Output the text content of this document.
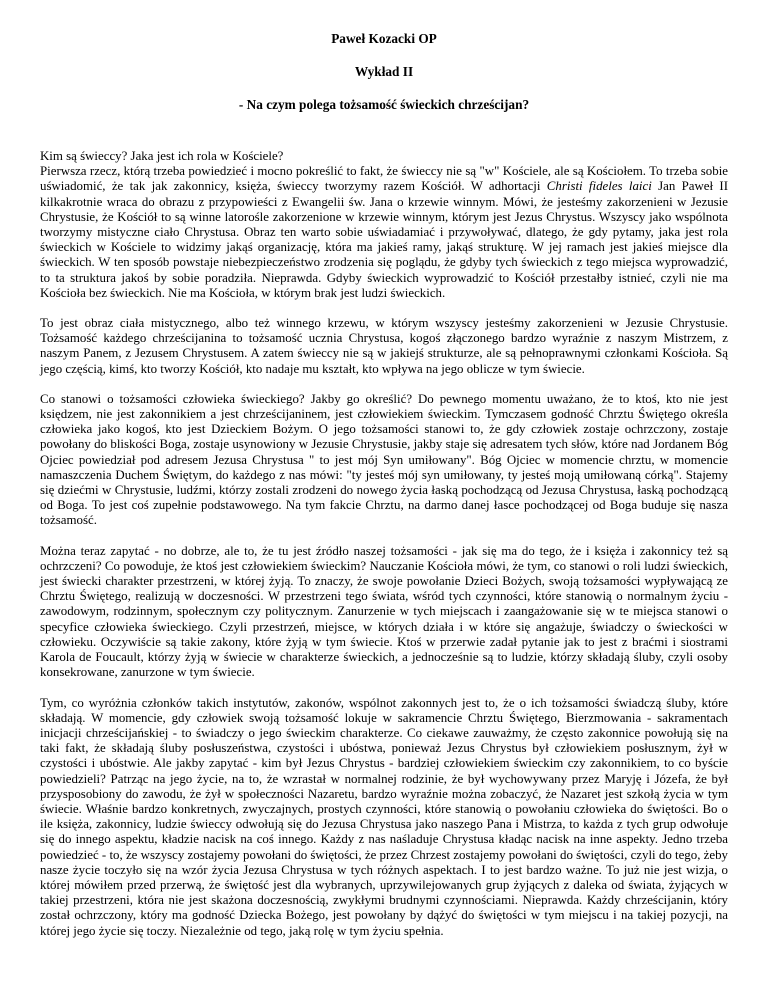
Paweł Kozacki OP
Wykład II
- Na czym polega tożsamość świeckich chrześcijan?

Kim są świeccy? Jaka jest ich rola w Kościele?
Pierwsza rzecz, którą trzeba powiedzieć i mocno pokreślić to fakt, że świeccy nie są "w" Kościele, ale są Kościołem. To trzeba sobie uświadomić, że tak jak zakonnicy, księża, świeccy tworzymy razem Kościół. W adhortacji Christi fideles laici Jan Paweł II kilkakrotnie wraca do obrazu z przypowieści z Ewangelii św. Jana o krzewie winnym. Mówi, że jesteśmy zakorzenieni w Jezusie Chrystusie, że Kościół to są winne latorośle zakorzenione w krzewie winnym, którym jest Jezus Chrystus. Wszyscy jako wspólnota tworzymy mistyczne ciało Chrystusa. Obraz ten warto sobie uświadamiać i przywoływać, dlatego, że gdy pytamy, jaka jest rola świeckich w Kościele to widzimy jakąś organizację, która ma jakieś ramy, jakąś strukturę. W jej ramach jest jakieś miejsce dla świeckich. W ten sposób powstaje niebezpieczeństwo zrodzenia się poglądu, że gdyby tych świeckich z tego miejsca wyprowadzić, to ta struktura jakoś by sobie poradziła. Nieprawda. Gdyby świeckich wyprowadzić to Kościół przestałby istnieć, czyli nie ma Kościoła bez świeckich. Nie ma Kościoła, w którym brak jest ludzi świeckich.

To jest obraz ciała mistycznego, albo też winnego krzewu, w którym wszyscy jesteśmy zakorzenieni w Jezusie Chrystusie. Tożsamość każdego chrześcijanina to tożsamość ucznia Chrystusa, kogoś złączonego bardzo wyraźnie z naszym Mistrzem, z naszym Panem, z Jezusem Chrystusem. A zatem świeccy nie są w jakiejś strukturze, ale są pełnoprawnymi członkami Kościoła. Są jego częścią, kimś, kto tworzy Kościół, kto nadaje mu kształt, kto wpływa na jego oblicze w tym świecie.

Co stanowi o tożsamości człowieka świeckiego? Jakby go określić? Do pewnego momentu uważano, że to ktoś, kto nie jest księdzem, nie jest zakonnikiem a jest chrześcijaninem, jest człowiekiem świeckim. Tymczasem godność Chrztu Świętego określa człowieka jako kogoś, kto jest Dzieckiem Bożym. O jego tożsamości stanowi to, że gdy człowiek zostaje ochrzczony, zostaje powołany do bliskości Boga, zostaje usynowiony w Jezusie Chrystusie, jakby staje się adresatem tych słów, które nad Jordanem Bóg Ojciec powiedział pod adresem Jezusa Chrystusa " to jest mój Syn umiłowany". Bóg Ojciec w momencie chrztu, w momencie namaszczenia Duchem Świętym, do każdego z nas mówi: "ty jesteś mój syn umiłowany, ty jesteś moją umiłowaną córką". Stajemy się dziećmi w Chrystusie, ludźmi, którzy zostali zrodzeni do nowego życia łaską pochodzącą od Jezusa Chrystusa, łaską pochodzącą od Boga. To jest coś zupełnie podstawowego. Na tym fakcie Chrztu, na darmo danej łasce pochodzącej od Boga buduje się nasza tożsamość.

Można teraz zapytać - no dobrze, ale to, że tu jest źródło naszej tożsamości - jak się ma do tego, że i księża i zakonnicy też są ochrzczeni? Co powoduje, że ktoś jest człowiekiem świeckim? Nauczanie Kościoła mówi, że tym, co stanowi o roli ludzi świeckich, jest świecki charakter przestrzeni, w której żyją. To znaczy, że swoje powołanie Dzieci Bożych, swoją tożsamości wypływającą ze Chrztu Świętego, realizują w doczesności. W przestrzeni tego świata, wśród tych czynności, które stanowią o normalnym życiu - zawodowym, rodzinnym, społecznym czy politycznym. Zanurzenie w tych miejscach i zaangażowanie się w te miejsca stanowi o specyfice człowieka świeckiego. Czyli przestrzeń, miejsce, w których działa i w które się angażuje, świadczy o świeckości w człowieku. Oczywiście są takie zakony, które żyją w tym świecie. Ktoś w przerwie zadał pytanie jak to jest z braćmi i siostrami Karola de Foucault, którzy żyją w świecie w charakterze świeckich, a jednocześnie są to ludzie, którzy składają śluby, czyli osoby konsekrowane, zanurzone w tym świecie.

Tym, co wyróżnia członków takich instytutów, zakonów, wspólnot zakonnych jest to, że o ich tożsamości świadczą śluby, które składają. W momencie, gdy człowiek swoją tożsamość lokuje w sakramencie Chrztu Świętego, Bierzmowania - sakramentach inicjacji chrześcijańskiej - to świadczy o jego świeckim charakterze. Co ciekawe zauważmy, że często zakonnice powołują się na taki fakt, że składają śluby posłuszeństwa, czystości i ubóstwa, ponieważ Jezus Chrystus był człowiekiem posłusznym, żył w czystości i ubóstwie. Ale jakby zapytać - kim był Jezus Chrystus - bardziej człowiekiem świeckim czy zakonnikiem, to co byście powiedzieli? Patrząc na jego życie, na to, że wzrastał w normalnej rodzinie, że był wychowywany przez Maryję i Józefa, że był przysposobiony do zawodu, że żył w społeczności Nazaretu, bardzo wyraźnie można zobaczyć, że Nazaret jest szkołą życia w tym świecie. Właśnie bardzo konkretnych, zwyczajnych, prostych czynności, które stanowią o powołaniu człowieka do świętości. Bo o ile księża, zakonnicy, ludzie świeccy odwołują się do Jezusa Chrystusa jako naszego Pana i Mistrza, to każda z tych grup odwołuje się do innego aspektu, kładzie nacisk na coś innego. Każdy z nas naśladuje Chrystusa kładąc nacisk na inne aspekty. Jedno trzeba powiedzieć - to, że wszyscy zostajemy powołani do świętości, że przez Chrzest zostajemy powołani do świętości, czyli do tego, żeby nasze życie toczyło się na wzór życia Jezusa Chrystusa w tych różnych aspektach. I to jest bardzo ważne. To już nie jest wizja, o której mówiłem przed przerwą, że świętość jest dla wybranych, uprzywilejowanych grup żyjących z daleka od świata, żyjących w takiej przestrzeni, która nie jest skażona doczesnością, zwykłymi brudnymi czynnościami. Nieprawda. Każdy chrześcijanin, który został ochrzczony, który ma godność Dziecka Bożego, jest powołany by dążyć do świętości w tym miejscu i na takiej pozycji, na której jego życie się toczy. Niezależnie od tego, jaką rolę w tym życiu spełnia.
